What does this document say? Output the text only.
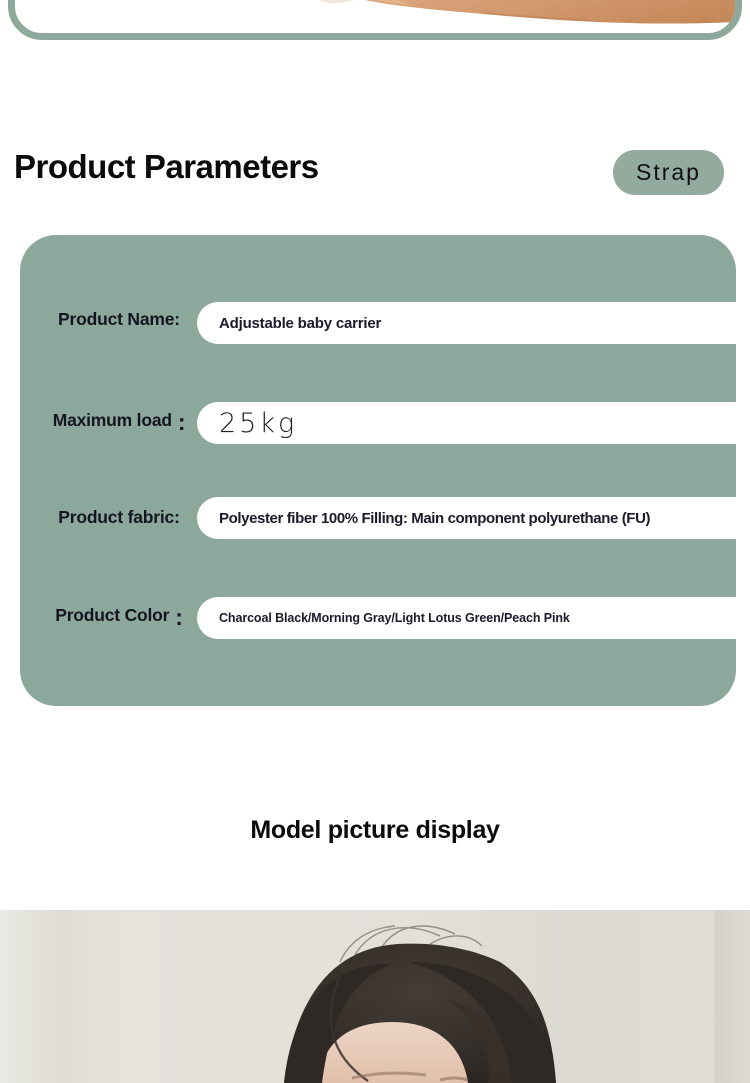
Product Parameters	Strap
Product Name:	Adjustable baby carrier
Maximum load :	25kg
Product fabric:	Polyester fiber 100% Filling: Main component polyurethane (FU)
Product Color :	Charcoal Black/Morning Gray/Light Lotus Green/Peach Pink
Model picture display
